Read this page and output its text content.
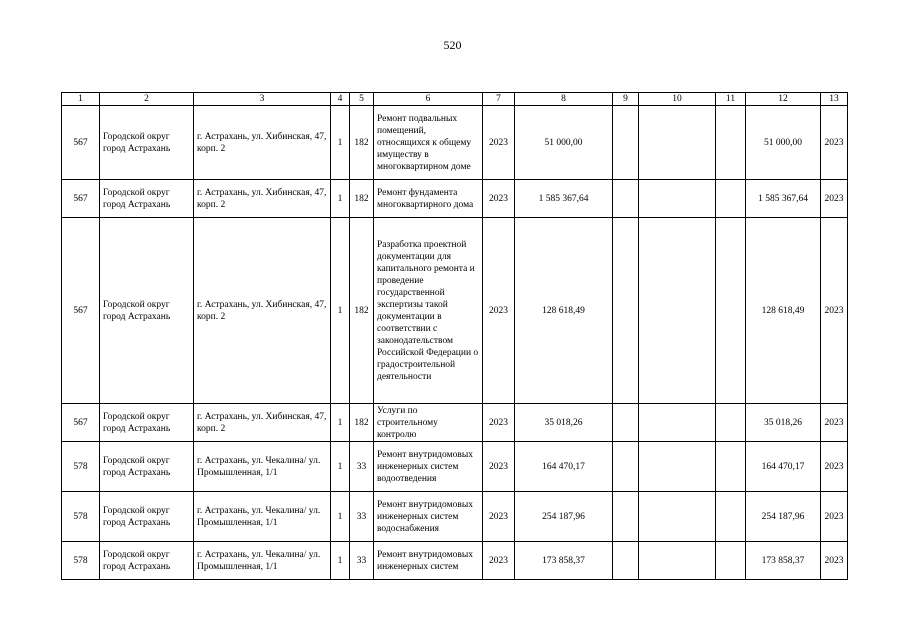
520
1	2	3	4	5	6	7	8	9	10	11	12	13
567	Городской округ город Астрахань	г. Астрахань, ул. Хибинская, 47, корп. 2	1	182	Ремонт подвальных помещений, относящихся к общему имуществу в многоквартирном доме	2023	51 000,00				51 000,00	2023
567	Городской округ город Астрахань	г. Астрахань, ул. Хибинская, 47, корп. 2	1	182	Ремонт фундамента многоквартирного дома	2023	1 585 367,64				1 585 367,64	2023
567	Городской округ город Астрахань	г. Астрахань, ул. Хибинская, 47, корп. 2	1	182	Разработка проектной документации для капитального ремонта и проведение государственной экспертизы такой документации в соответствии с законодательством Российской Федерации о градостроительной деятельности	2023	128 618,49				128 618,49	2023
567	Городской округ город Астрахань	г. Астрахань, ул. Хибинская, 47, корп. 2	1	182	Услуги по строительному контролю	2023	35 018,26				35 018,26	2023
578	Городской округ город Астрахань	г. Астрахань, ул. Чекалина/ ул. Промышленная, 1/1	1	33	Ремонт внутридомовых инженерных систем водоотведения	2023	164 470,17				164 470,17	2023
578	Городской округ город Астрахань	г. Астрахань, ул. Чекалина/ ул. Промышленная, 1/1	1	33	Ремонт внутридомовых инженерных систем водоснабжения	2023	254 187,96				254 187,96	2023
578	Городской округ город Астрахань	г. Астрахань, ул. Чекалина/ ул. Промышленная, 1/1	1	33	Ремонт внутридомовых инженерных систем	2023	173 858,37				173 858,37	2023
